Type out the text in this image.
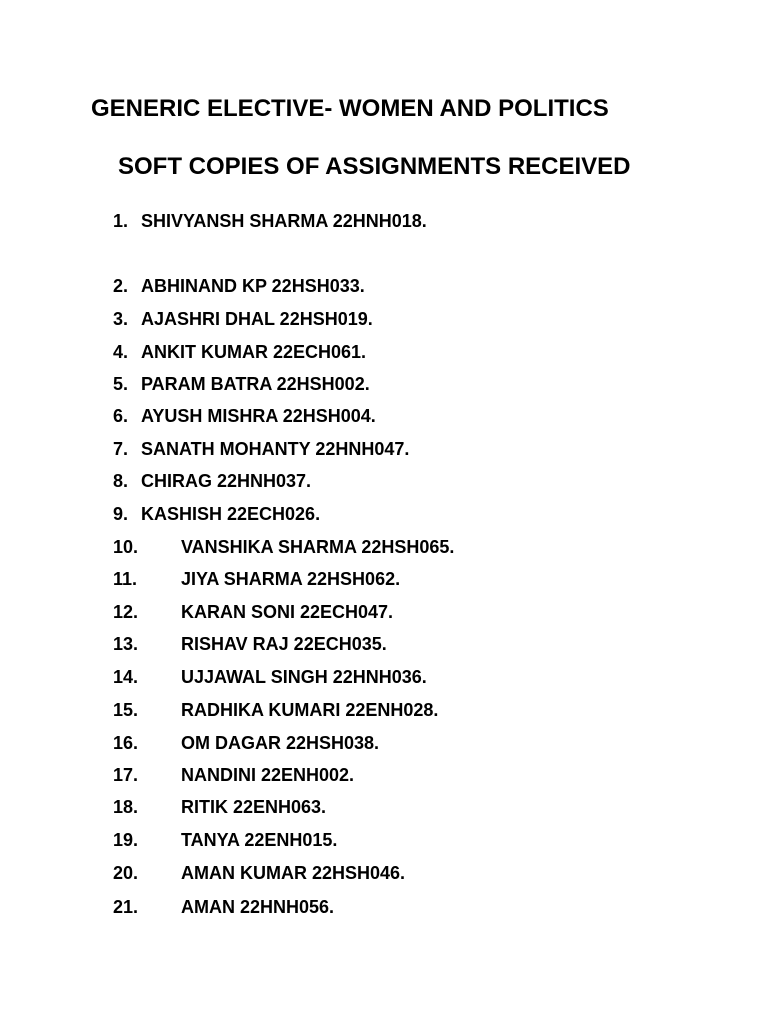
GENERIC ELECTIVE- WOMEN AND POLITICS
SOFT COPIES OF ASSIGNMENTS RECEIVED
1. SHIVYANSH SHARMA 22HNH018.
2. ABHINAND KP 22HSH033.
3. AJASHRI DHAL 22HSH019.
4. ANKIT KUMAR 22ECH061.
5. PARAM BATRA 22HSH002.
6. AYUSH MISHRA 22HSH004.
7. SANATH MOHANTY 22HNH047.
8. CHIRAG 22HNH037.
9. KASHISH 22ECH026.
10. VANSHIKA SHARMA 22HSH065.
11. JIYA SHARMA 22HSH062.
12. KARAN SONI 22ECH047.
13. RISHAV RAJ 22ECH035.
14. UJJAWAL SINGH 22HNH036.
15. RADHIKA KUMARI 22ENH028.
16. OM DAGAR 22HSH038.
17. NANDINI 22ENH002.
18. RITIK 22ENH063.
19. TANYA 22ENH015.
20. AMAN KUMAR 22HSH046.
21. AMAN 22HNH056.
